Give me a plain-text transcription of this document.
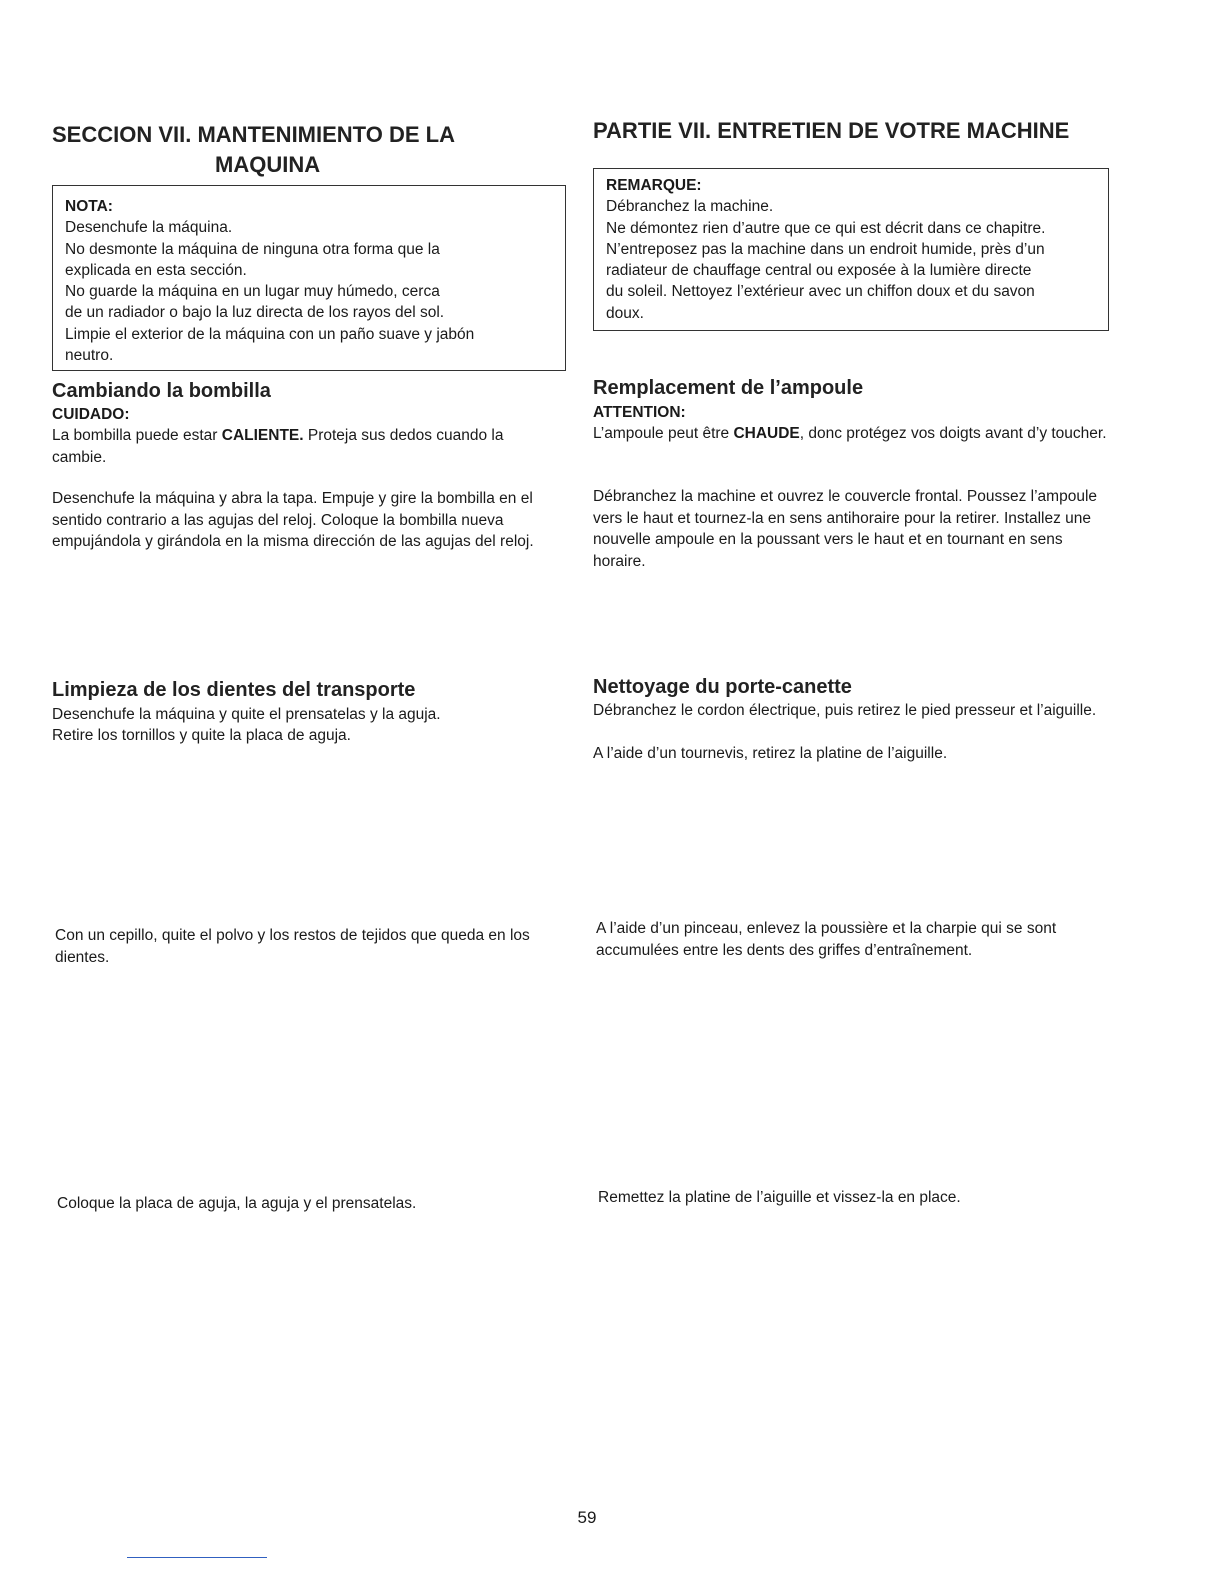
SECCION VII. MANTENIMIENTO DE LA
MAQUINA
NOTA:
Desenchufe la máquina.
No desmonte la máquina de ninguna otra forma que la
explicada en esta sección.
No guarde la máquina en un lugar muy húmedo, cerca
de un radiador o bajo la luz directa de los rayos del sol.
Limpie el exterior de la máquina con un paño suave y jabón
neutro.
Cambiando la bombilla
CUIDADO:
La bombilla puede estar CALIENTE. Proteja sus dedos cuando la cambie.
Desenchufe la máquina y abra la tapa. Empuje y gire la bombilla en el sentido contrario a las agujas del reloj. Coloque la bombilla nueva empujándola y girándola en la misma dirección de las agujas del reloj.
Limpieza de los dientes del transporte
Desenchufe la máquina y quite el prensatelas y la aguja.
Retire los tornillos y quite la placa de aguja.
Con un cepillo, quite el polvo y los restos de tejidos que queda en los dientes.
Coloque la placa de aguja, la aguja y el prensatelas.
PARTIE VII. ENTRETIEN DE VOTRE MACHINE
REMARQUE:
Débranchez la machine.
Ne démontez rien d’autre que ce qui est décrit dans ce chapitre.
N’entreposez pas la machine dans un endroit humide, près d’un
radiateur de chauffage central ou exposée à la lumière directe
du soleil. Nettoyez l’extérieur avec un chiffon doux et du savon
doux.
Remplacement de l’ampoule
ATTENTION:
L’ampoule peut être CHAUDE, donc protégez vos doigts avant d’y toucher.
Débranchez la machine et ouvrez le couvercle frontal. Poussez l’ampoule vers le haut et tournez-la en sens antihoraire pour la retirer. Installez une nouvelle ampoule en la poussant vers le haut et en tournant en sens horaire.
Nettoyage du porte-canette
Débranchez le cordon électrique, puis retirez le pied presseur et l’aiguille.
A l’aide d’un tournevis, retirez la platine de l’aiguille.
A l’aide d’un pinceau, enlevez la poussière et la charpie qui se sont accumulées entre les dents des griffes d’entraînement.
Remettez la platine de l’aiguille et vissez-la en place.
59
